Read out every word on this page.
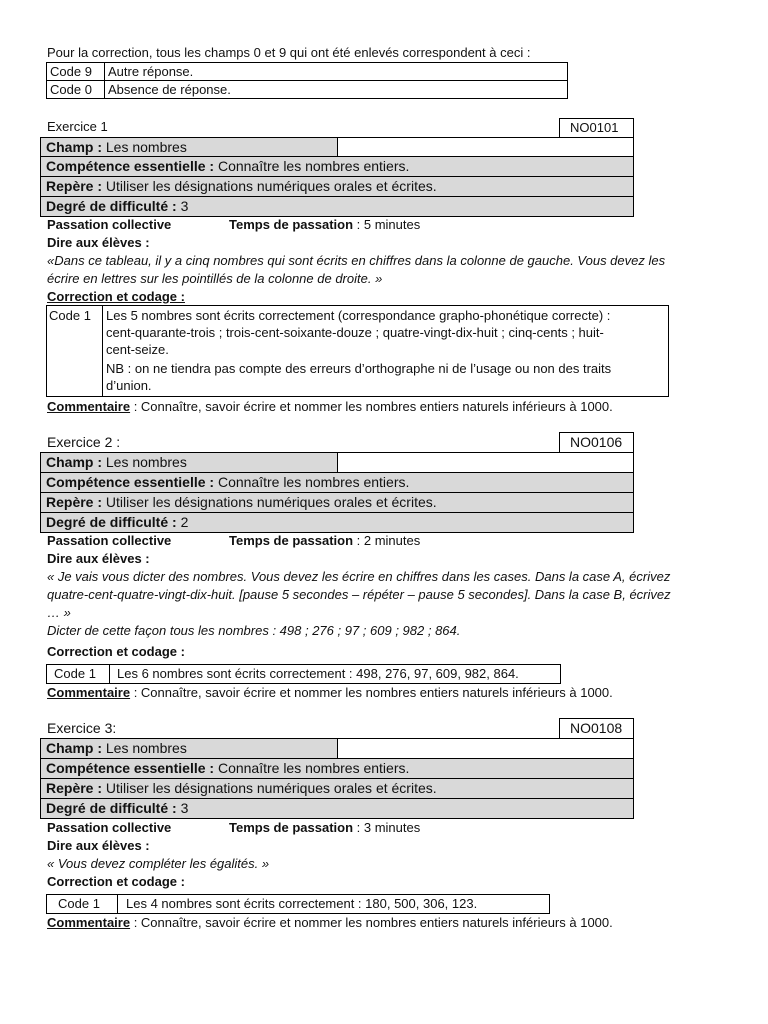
Pour la correction, tous les champs 0 et 9 qui ont été enlevés correspondent à ceci :
Code 9	Autre réponse.
Code 0	Absence de réponse.
Exercice 1	NO0101
Champ : Les nombres
Compétence essentielle : Connaître les nombres entiers.
Repère : Utiliser les désignations numériques orales et écrites.
Degré de difficulté : 3
Passation collective	Temps de passation : 5 minutes
Dire aux élèves :
«Dans ce tableau, il y a cinq nombres qui sont écrits en chiffres dans la colonne de gauche. Vous devez les
écrire en lettres sur les pointillés de la colonne de droite. »
Correction et codage :
Code 1 Les 5 nombres sont écrits correctement (correspondance grapho-phonétique correcte) :
cent-quarante-trois ; trois-cent-soixante-douze ; quatre-vingt-dix-huit ; cinq-cents ; huit-
cent-seize.
NB : on ne tiendra pas compte des erreurs d’orthographe ni de l’usage ou non des traits
d’union.
Commentaire : Connaître, savoir écrire et nommer les nombres entiers naturels inférieurs à 1000.
Exercice 2 :	NO0106
Champ : Les nombres
Compétence essentielle : Connaître les nombres entiers.
Repère : Utiliser les désignations numériques orales et écrites.
Degré de difficulté : 2
Passation collective	Temps de passation : 2 minutes
Dire aux élèves :
« Je vais vous dicter des nombres. Vous devez les écrire en chiffres dans les cases. Dans la case A, écrivez
quatre-cent-quatre-vingt-dix-huit. [pause 5 secondes – répéter – pause 5 secondes]. Dans la case B, écrivez
… »
Dicter de cette façon tous les nombres : 498 ; 276 ; 97 ; 609 ; 982 ; 864.
Correction et codage :
Code 1 Les 6 nombres sont écrits correctement : 498, 276, 97, 609, 982, 864.
Commentaire : Connaître, savoir écrire et nommer les nombres entiers naturels inférieurs à 1000.
Exercice 3:	NO0108
Champ : Les nombres
Compétence essentielle : Connaître les nombres entiers.
Repère : Utiliser les désignations numériques orales et écrites.
Degré de difficulté : 3
Passation collective	Temps de passation : 3 minutes
Dire aux élèves :
« Vous devez compléter les égalités. »
Correction et codage :
Code 1 Les 4 nombres sont écrits correctement : 180, 500, 306, 123.
Commentaire : Connaître, savoir écrire et nommer les nombres entiers naturels inférieurs à 1000.
